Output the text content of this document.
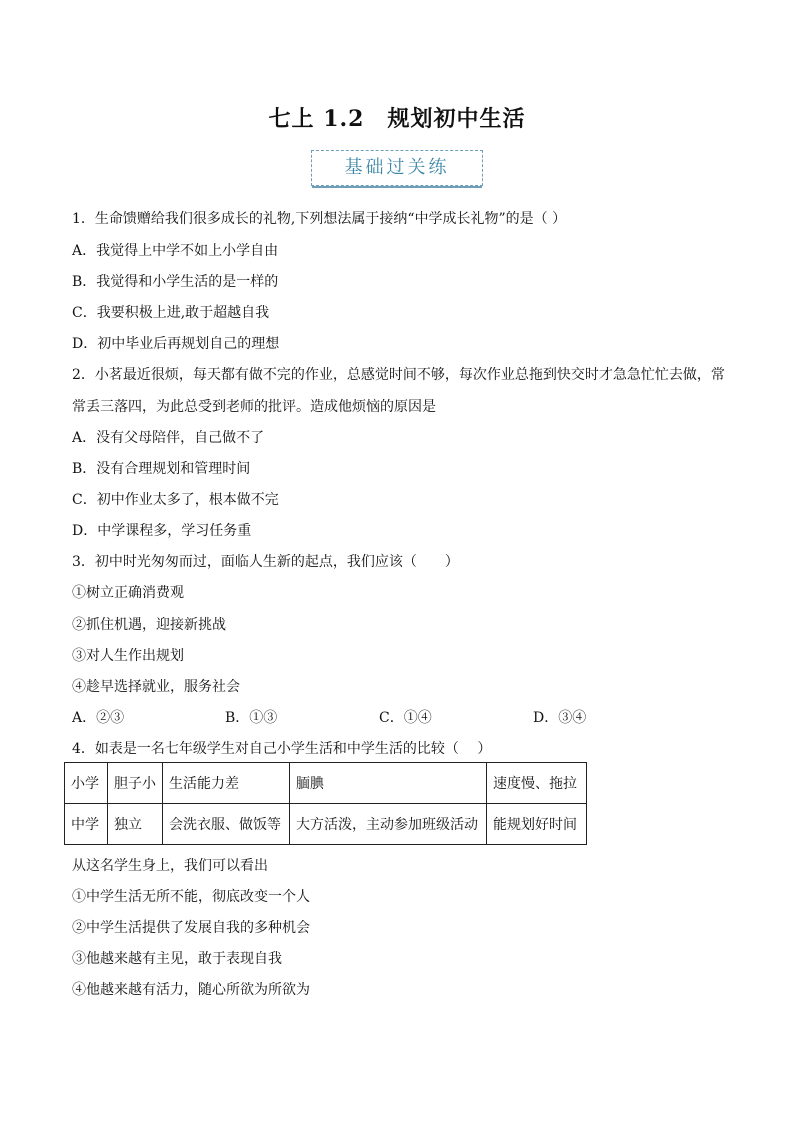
七上 1.2　规划初中生活
基础过关练
1．生命馈赠给我们很多成长的礼物,下列想法属于接纳“中学成长礼物”的是（ ）
A．我觉得上中学不如上小学自由
B．我觉得和小学生活的是一样的
C．我要积极上进,敢于超越自我
D．初中毕业后再规划自己的理想
2．小茗最近很烦，每天都有做不完的作业，总感觉时间不够，每次作业总拖到快交时才急急忙忙去做，常
常丢三落四，为此总受到老师的批评。造成他烦恼的原因是
A．没有父母陪伴，自己做不了
B．没有合理规划和管理时间
C．初中作业太多了，根本做不完
D．中学课程多，学习任务重
3．初中时光匆匆而过，面临人生新的起点，我们应该（　　）
①树立正确消费观
②抓住机遇，迎接新挑战
③对人生作出规划
④趁早选择就业，服务社会
A．②③	B．①③	C．①④	D．③④
4．如表是一名七年级学生对自己小学生活和中学生活的比较（　 ）
小学	胆子小	生活能力差	腼腆	速度慢、拖拉
中学	独立	会洗衣服、做饭等	大方活泼，主动参加班级活动	能规划好时间
从这名学生身上，我们可以看出
①中学生活无所不能，彻底改变一个人
②中学生活提供了发展自我的多种机会
③他越来越有主见，敢于表现自我
④他越来越有活力，随心所欲为所欲为
